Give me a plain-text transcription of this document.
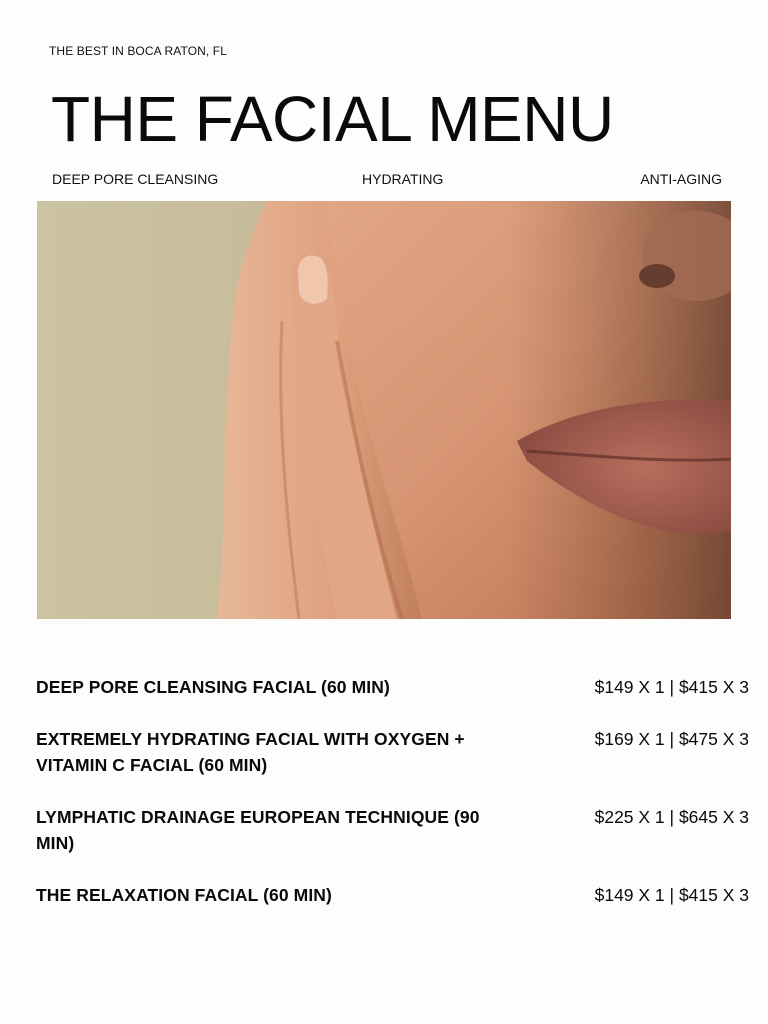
THE BEST IN BOCA RATON, FL
THE FACIAL MENU
DEEP PORE CLEANSING	HYDRATING	ANTI-AGING
DEEP PORE CLEANSING FACIAL (60 MIN)	$149 X 1 | $415 X 3
EXTREMELY HYDRATING FACIAL WITH OXYGEN + VITAMIN C FACIAL (60 MIN)
$169 X 1 | $475 X 3
LYMPHATIC DRAINAGE EUROPEAN TECHNIQUE (90 MIN)
$225 X 1 | $645 X 3
THE RELAXATION FACIAL (60 MIN)	$149 X 1 | $415 X 3
